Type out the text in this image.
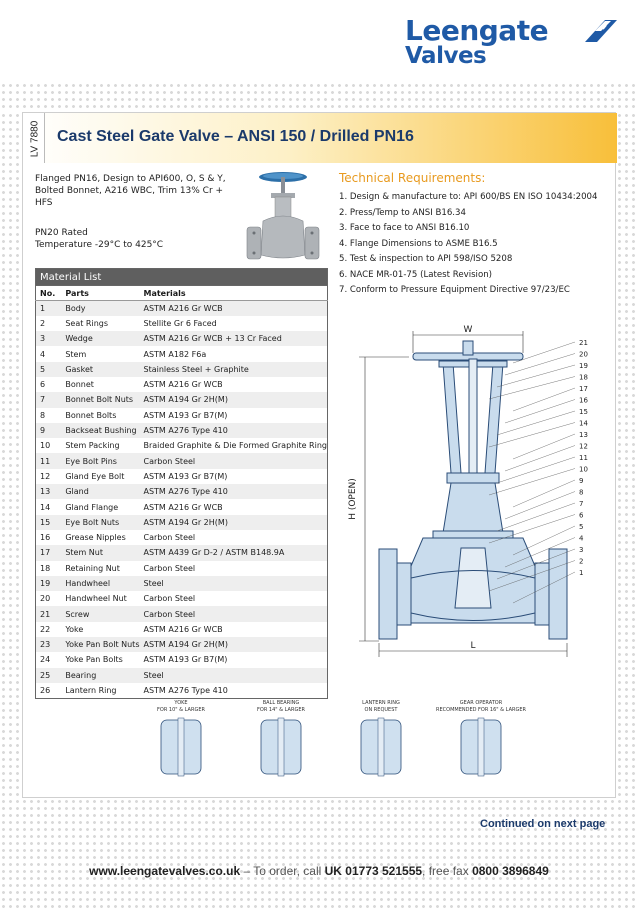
Leengate
Valves
LV 7880 Cast Steel Gate Valve – ANSI 150 / Drilled PN16

Flanged PN16, Design to API600, O, S & Y, Bolted Bonnet, A216 WBC, Trim 13% Cr + HFS

PN20 Rated
Temperature -29°C to 425°C
Technical Requirements:
1. Design & manufacture to: API 600/BS EN ISO 10434:2004
2. Press/Temp to ANSI B16.34
3. Face to face to ANSI B16.10
4. Flange Dimensions to ASME B16.5
5. Test & inspection to API 598/ISO 5208
6. NACE MR-01-75 (Latest Revision)
7. Conform to Pressure Equipment Directive 97/23/EC
Material List
No.	Parts	Materials
1	Body	ASTM A216 Gr WCB
2	Seat Rings	Stellite Gr 6 Faced
3	Wedge	ASTM A216 Gr WCB + 13 Cr Faced
4	Stem	ASTM A182 F6a
5	Gasket	Stainless Steel + Graphite
6	Bonnet	ASTM A216 Gr WCB
7	Bonnet Bolt Nuts	ASTM A194 Gr 2H(M)
8	Bonnet Bolts	ASTM A193 Gr B7(M)
9	Backseat Bushing	ASTM A276 Type 410
10	Stem Packing	Braided Graphite & Die Formed Graphite Ring
11	Eye Bolt Pins	Carbon Steel
12	Gland Eye Bolt	ASTM A193 Gr B7(M)
13	Gland	ASTM A276 Type 410
14	Gland Flange	ASTM A216 Gr WCB
15	Eye Bolt Nuts	ASTM A194 Gr 2H(M)
16	Grease Nipples	Carbon Steel
17	Stem Nut	ASTM A439 Gr D-2 / ASTM B148.9A
18	Retaining Nut	Carbon Steel
19	Handwheel	Steel
20	Handwheel Nut	Carbon Steel
21	Screw	Carbon Steel
22	Yoke	ASTM A216 Gr WCB
23	Yoke Pan Bolt Nuts	ASTM A194 Gr 2H(M)
24	Yoke Pan Bolts	ASTM A193 Gr B7(M)
25	Bearing	Steel
26	Lantern Ring	ASTM A276 Type 410
W
H (OPEN)
L
21
20
19
18
17
16
15
14
13
12
11
10
9
8
7
6
5
4
3
2
1
YOKE
FOR 10" & LARGER
BALL BEARING
FOR 14" & LARGER
LANTERN RING
ON REQUEST
GEAR OPERATOR
RECOMMENDED FOR 16" & LARGER
Continued on next page
www.leengatevalves.co.uk – To order, call UK 01773 521555, free fax 0800 3896849
